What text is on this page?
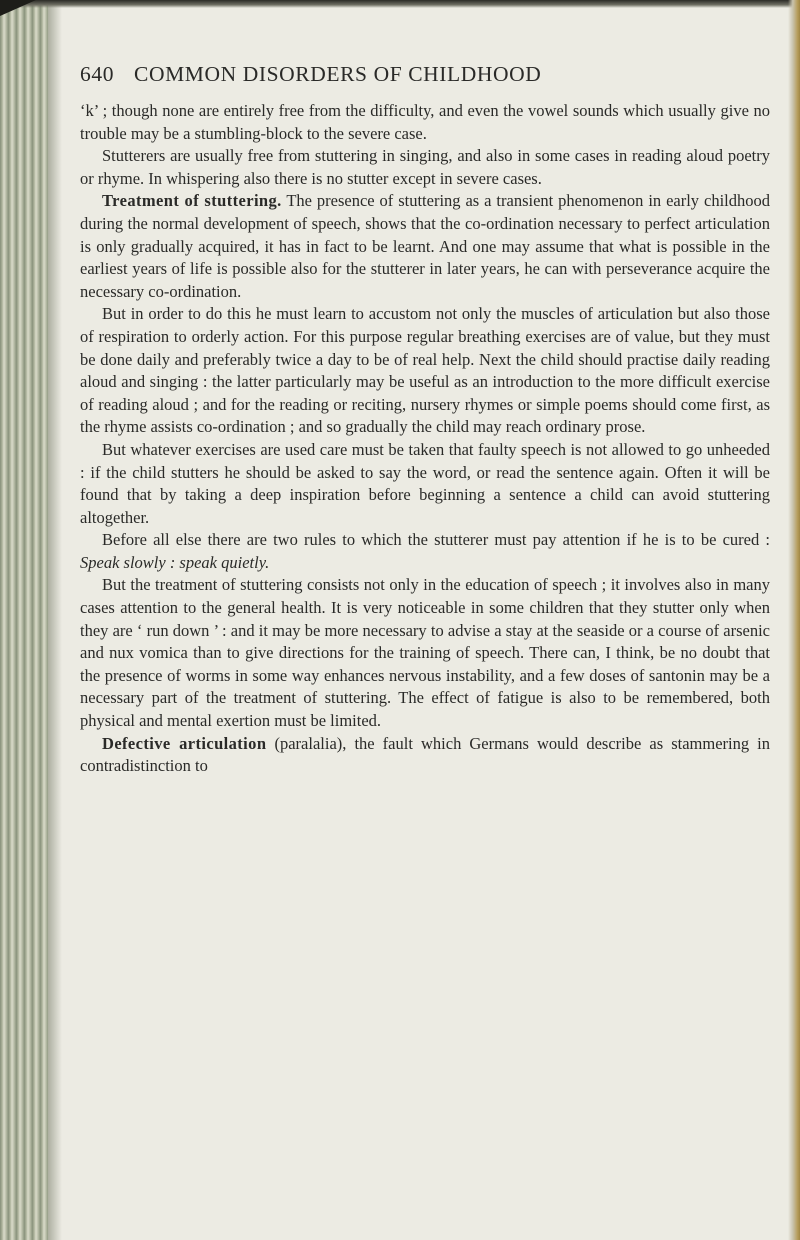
640 COMMON DISORDERS OF CHILDHOOD

‘k’ ; though none are entirely free from the difficulty, and even the vowel sounds which usually give no trouble may be a stumbling-block to the severe case.

Stutterers are usually free from stuttering in singing, and also in some cases in reading aloud poetry or rhyme. In whispering also there is no stutter except in severe cases.

Treatment of stuttering. The presence of stuttering as a transient phenomenon in early childhood during the normal development of speech, shows that the co-ordination necessary to perfect articulation is only gradually acquired, it has in fact to be learnt. And one may assume that what is possible in the earliest years of life is possible also for the stutterer in later years, he can with perseverance acquire the necessary co-ordination.

But in order to do this he must learn to accustom not only the muscles of articulation but also those of respiration to orderly action. For this purpose regular breathing exercises are of value, but they must be done daily and preferably twice a day to be of real help. Next the child should practise daily reading aloud and singing : the latter particularly may be useful as an introduction to the more difficult exercise of reading aloud ; and for the reading or reciting, nursery rhymes or simple poems should come first, as the rhyme assists co-ordination ; and so gradually the child may reach ordinary prose.

But whatever exercises are used care must be taken that faulty speech is not allowed to go unheeded : if the child stutters he should be asked to say the word, or read the sentence again. Often it will be found that by taking a deep inspiration before beginning a sentence a child can avoid stuttering altogether.

Before all else there are two rules to which the stutterer must pay attention if he is to be cured : Speak slowly : speak quietly.

But the treatment of stuttering consists not only in the education of speech ; it involves also in many cases attention to the general health. It is very noticeable in some children that they stutter only when they are ‘ run down ’ : and it may be more necessary to advise a stay at the seaside or a course of arsenic and nux vomica than to give directions for the training of speech. There can, I think, be no doubt that the presence of worms in some way enhances nervous instability, and a few doses of santonin may be a necessary part of the treatment of stuttering. The effect of fatigue is also to be remembered, both physical and mental exertion must be limited.

Defective articulation (paralalia), the fault which Germans would describe as stammering in contradistinction to
